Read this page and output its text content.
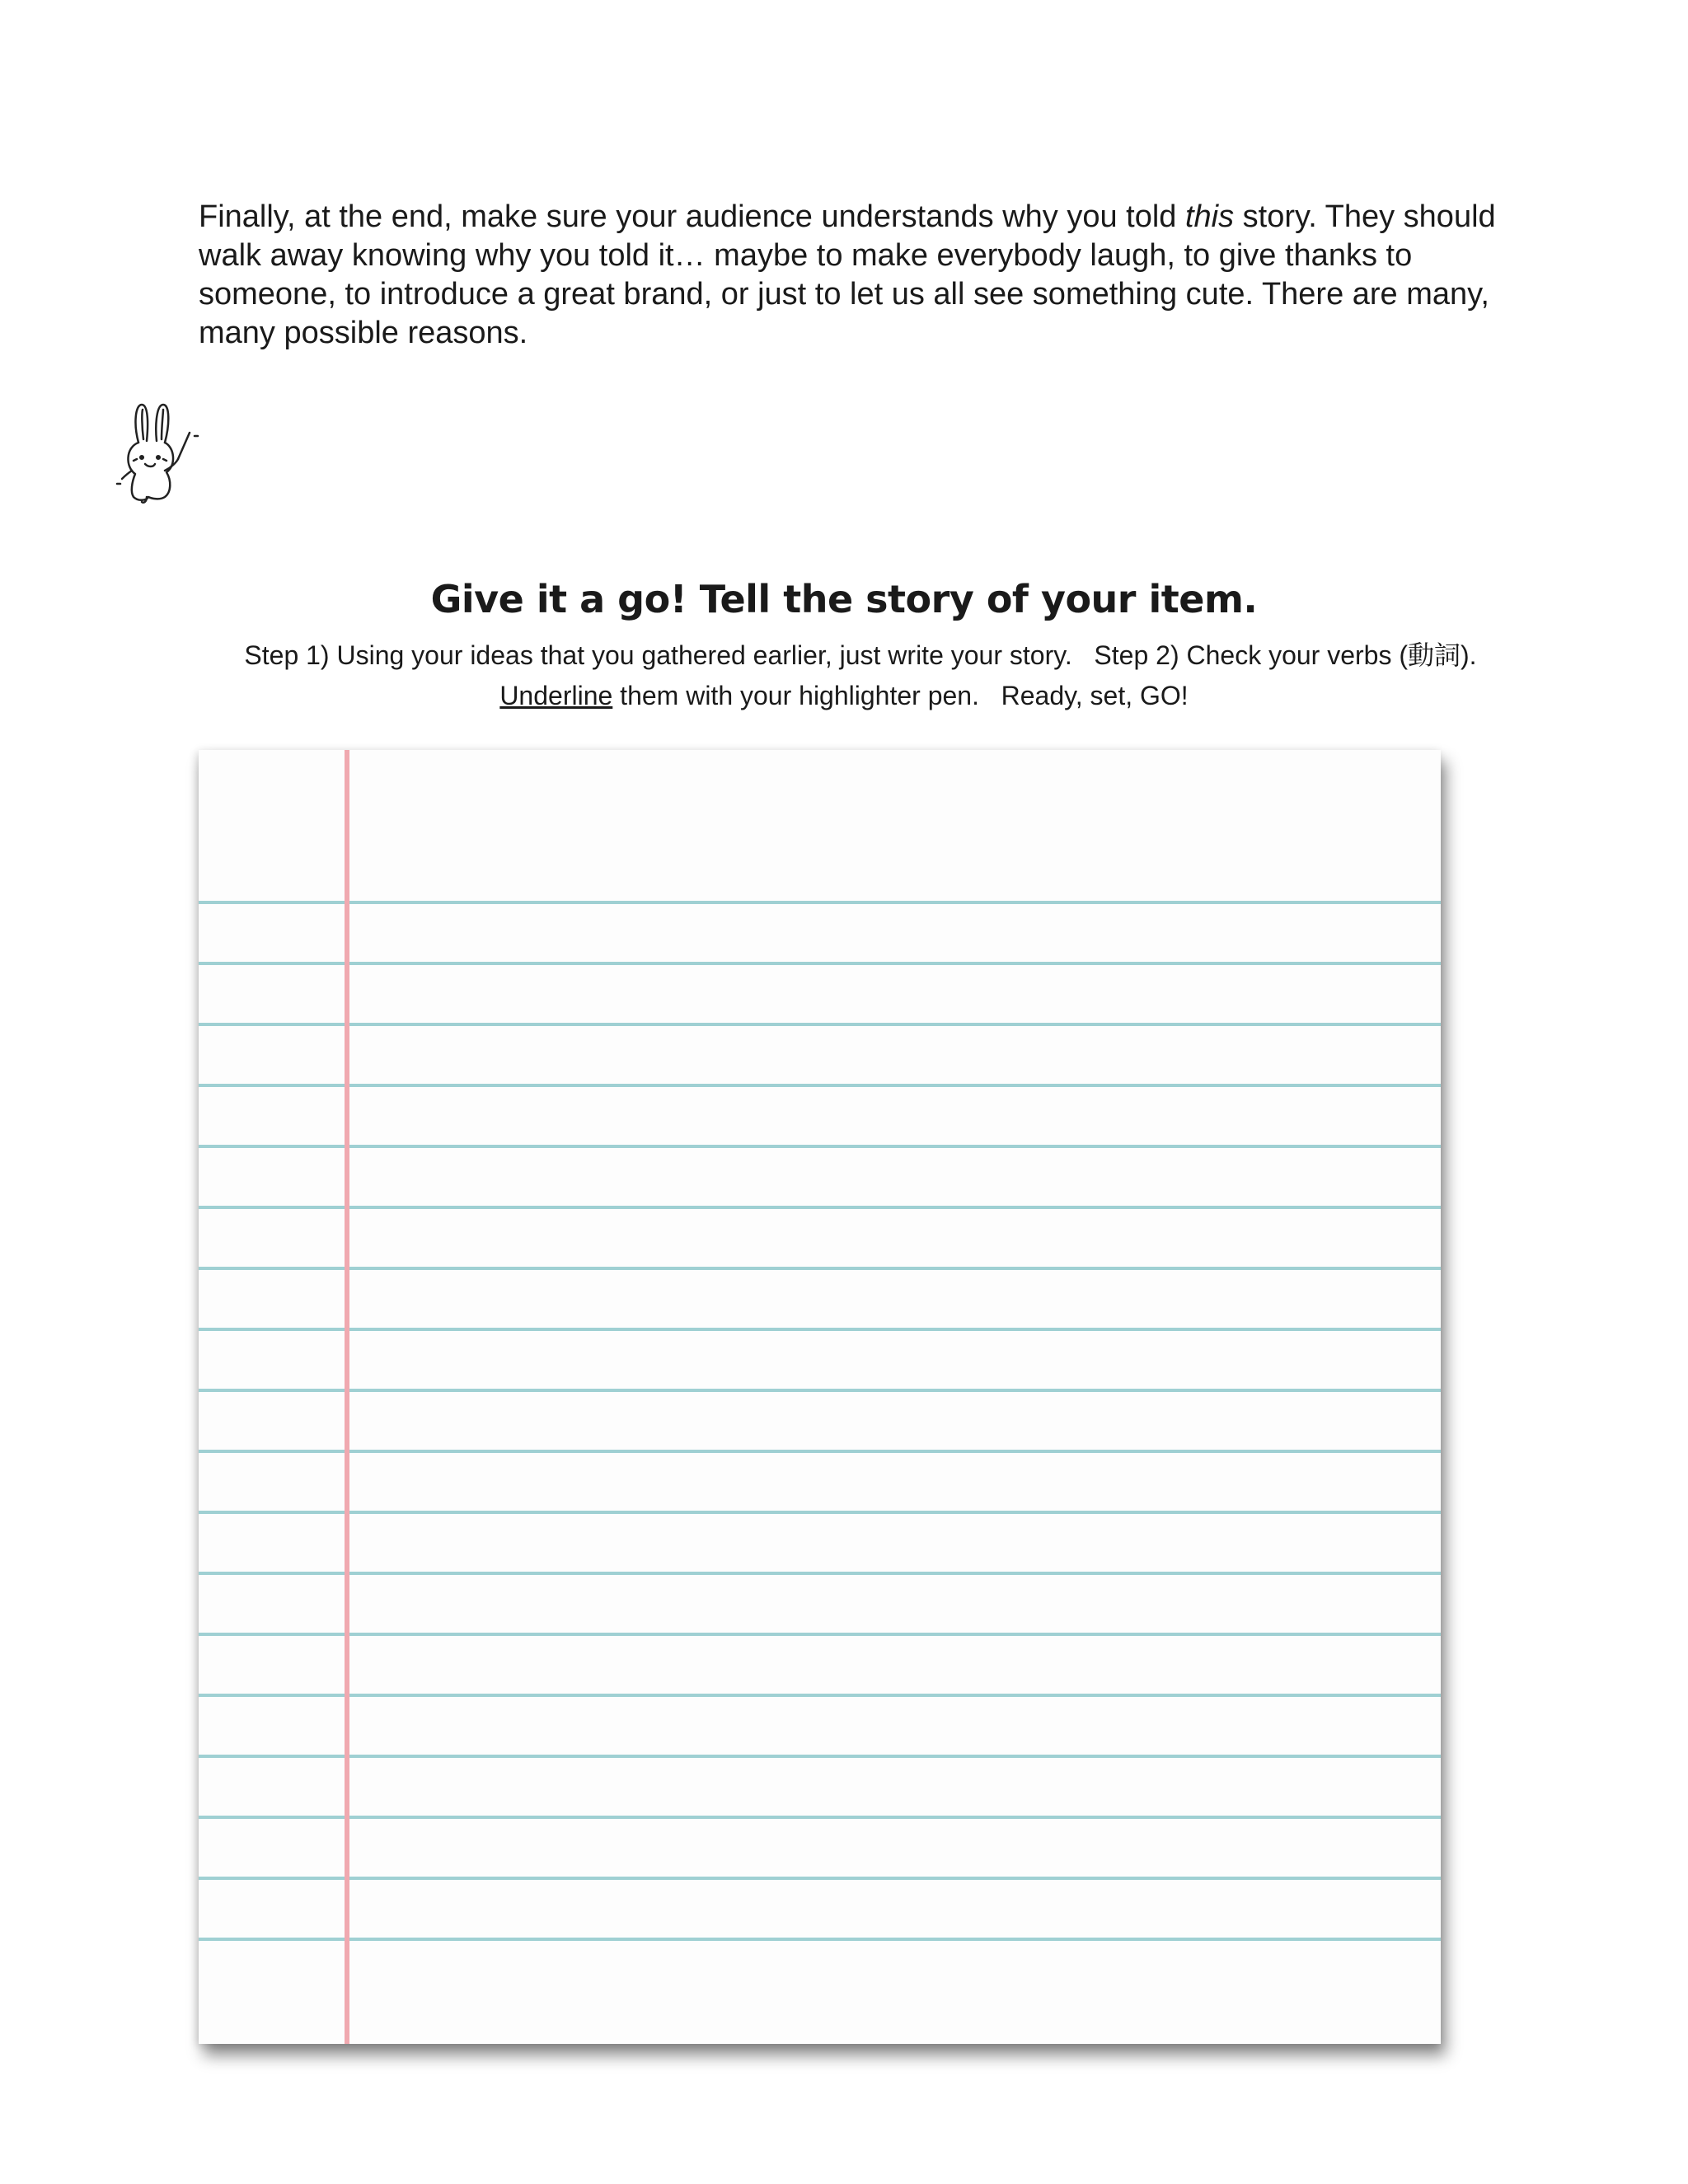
Finally, at the end, make sure your audience understands why you told this story. They should walk away knowing why you told it… maybe to make everybody laugh, to give thanks to someone, to introduce a great brand, or just to let us all see something cute. There are many, many possible reasons.

Give it a go! Tell the story of your item.

Step 1) Using your ideas that you gathered earlier, just write your story.   Step 2) Check your verbs (動詞).

Underline them with your highlighter pen.   Ready, set, GO!
